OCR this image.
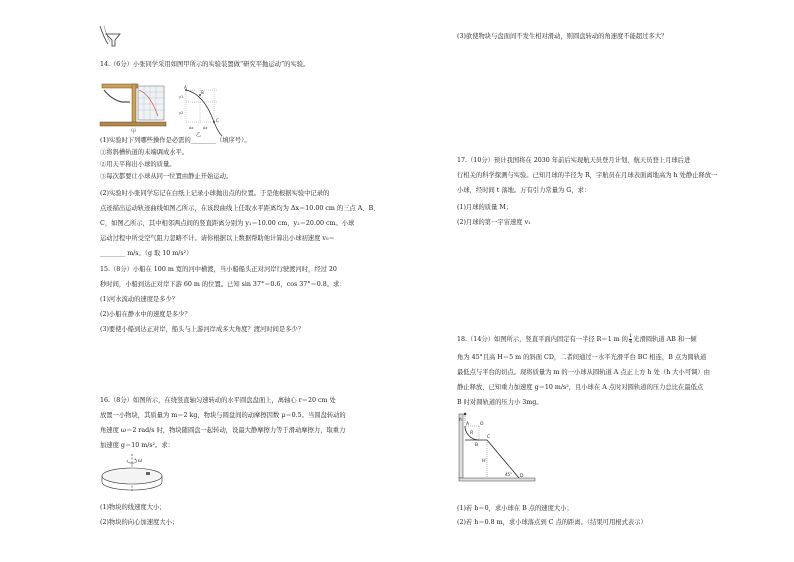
14.（6分）小张同学采用如图甲所示的实验装置做“研究平抛运动”的实验。
甲
A
B
C
Δx	Δx
y1
y2
乙
(1)实验时下列哪些操作是必需的________（填序号）。
①将斜槽轨道的末端调成水平。
②用天平称出小球的质量。
③每次都要让小球从同一位置由静止开始运动。
(2)实验时小张同学忘记在白纸上记录小球抛出点的位置。于是他根据实验中记录的
点迹描出运动轨迹曲线如图乙所示，在该段曲线上任取水平距离均为 Δx＝10.00 cm 的三点 A、B、
C，如图乙所示，其中相邻两点间的竖直距离分别为 y₁＝10.00 cm，y₂＝20.00 cm。小球
运动过程中所受空气阻力忽略不计。请你根据以上数据帮助他计算出小球初速度 v₀＝
________ m/s。（g 取 10 m/s²）
15.（8分）小船在 100 m 宽的河中横渡，当小船船头正对河岸行驶渡河时，经过 20
秒时间，小船到达正对岸下游 60 m 的位置。已知 sin 37°＝0.6，cos 37°＝0.8。求：
(1)河水流动的速度是多少？
(2)小船在静水中的速度是多少？
(3)要使小船到达正对岸，船头与上游河岸成多大角度？渡河时间是多少？
16.（8分）如图所示，在绕竖直轴匀速转动的水平圆盘盘面上，离轴心 r＝20 cm 处
放置一小物块，其质量为 m＝2 kg，物块与圆盘间的动摩擦因数 μ＝0.5。当圆盘转动的
角速度 ω＝2 rad/s 时，物块随圆盘一起转动，设最大静摩擦力等于滑动摩擦力，取重力
加速度 g＝10 m/s²。求：
ω
(1)物块的线速度大小；
(2)物块的向心加速度大小；
(3)欲使物块与盘面间不发生相对滑动，则圆盘转动的角速度不能超过多大？
17.（10分）预计我国将在 2030 年前后实现航天员登月计划，航天员登上月球后进
行相关的科学探测与实验。已知月球的半径为 R，宇航员在月球表面离地高为 h 处静止释放一
小球，经时间 t 落地。万有引力常量为 G，求：
(1)月球的质量 M；
(2)月球的第一宇宙速度 v₁
18.（14分）如图所示，竖直平面内固定有一半径 R＝1 m 的 $\frac{1}{4}$ 光滑圆轨道 AB 和一倾
角为 45°且高 H＝5 m 的斜面 CD，二者间通过一水平光滑平台 BC 相连，B 点为圆轨道
最低点与平台的切点。现将质量为 m 的一小球从圆轨道 A 点正上方 h 处（h 大小可调）由
静止释放，已知重力加速度 g＝10 m/s²，且小球在 A 点时对圆轨道的压力总比在最低点
B 时对圆轨道的压力小 3mg。
h
A
R
O
B
C
H
45° D
(1)若 h＝0，求小球在 B 点的速度大小；
(2)若 h＝0.8 m，求小球落点到 C 点的距离。（结果可用根式表示）
